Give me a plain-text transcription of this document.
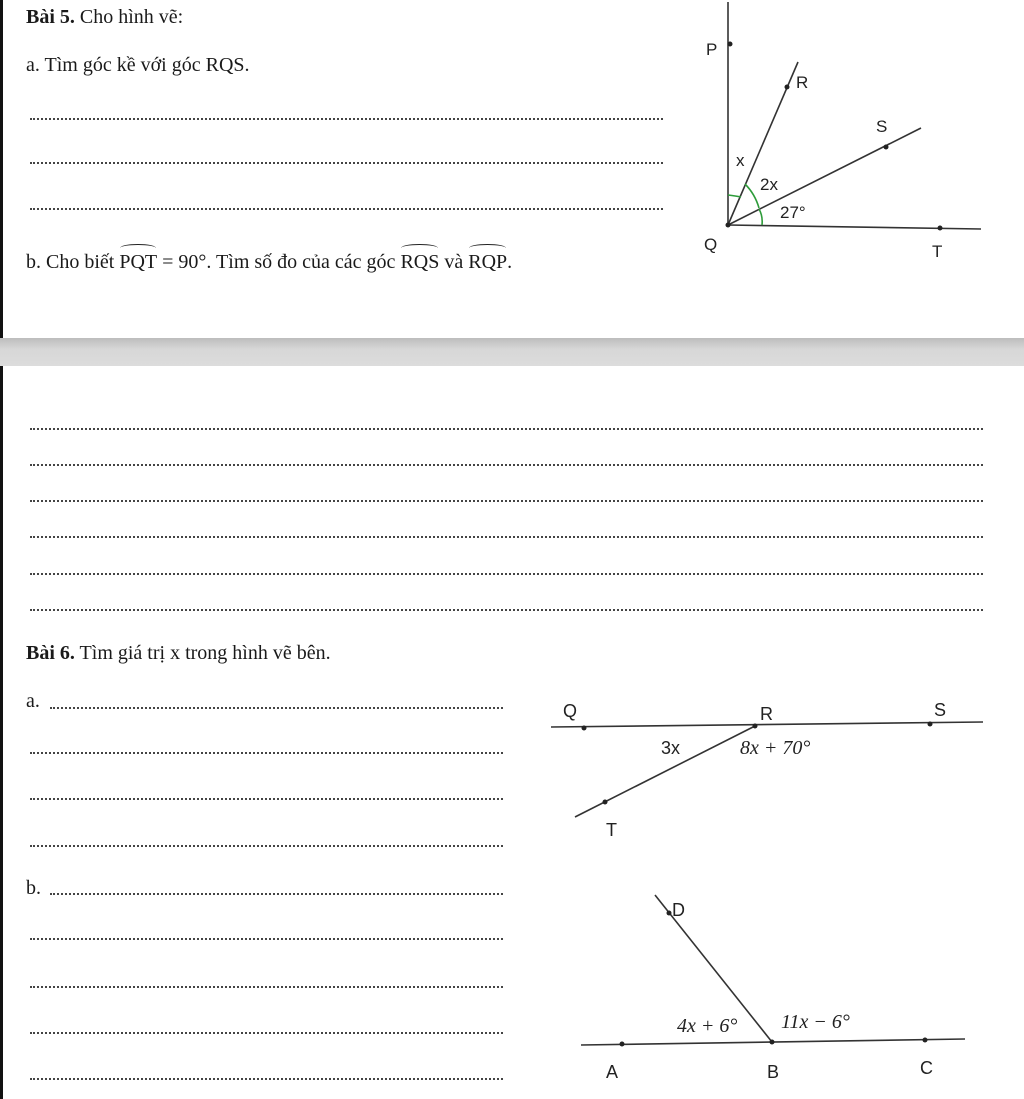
Bài 5. Cho hình vẽ:
a. Tìm góc kề với góc RQS.
b. Cho biết PQT = 90°. Tìm số đo của các góc RQS và RQP.
P
R
S
x
2x
27°
Q	T
Bài 6. Tìm giá trị x trong hình vẽ bên.
a.
b.
Q	R	S
T
3x	8x + 70°
D
A	B	C
4x + 6° 11x − 6°
